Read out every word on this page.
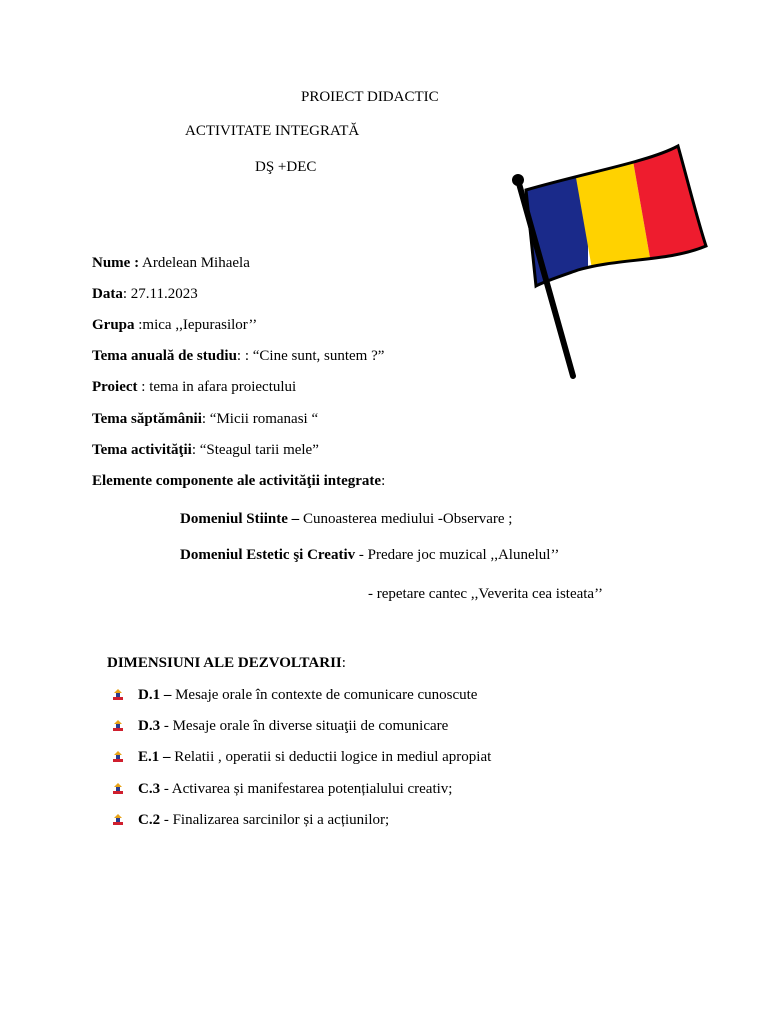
PROIECT DIDACTIC
ACTIVITATE INTEGRATĂ
DŞ +DEC
Nume : Ardelean Mihaela
Data: 27.11.2023
Grupa :mica ,,Iepurasilor’’
Tema anuală de studiu: : “Cine sunt, suntem ?”
Proiect : tema in afara proiectului
Tema săptămânii: “Micii romanasi “
Tema activităţii: “Steagul tarii mele”
Elemente componente ale activităţii integrate:
Domeniul Stiinte – Cunoasterea mediului -Observare ;
Domeniul Estetic şi Creativ - Predare joc muzical ,,Alunelul’’
- repetare cantec ,,Veverita cea isteata’’
DIMENSIUNI ALE DEZVOLTARII:
D.1 – Mesaje orale în contexte de comunicare cunoscute
D.3 - Mesaje orale în diverse situaţii de comunicare
E.1 – Relatii , operatii si deductii logice in mediul apropiat
C.3 - Activarea și manifestarea potențialului creativ;
C.2 - Finalizarea sarcinilor și a acțiunilor;
